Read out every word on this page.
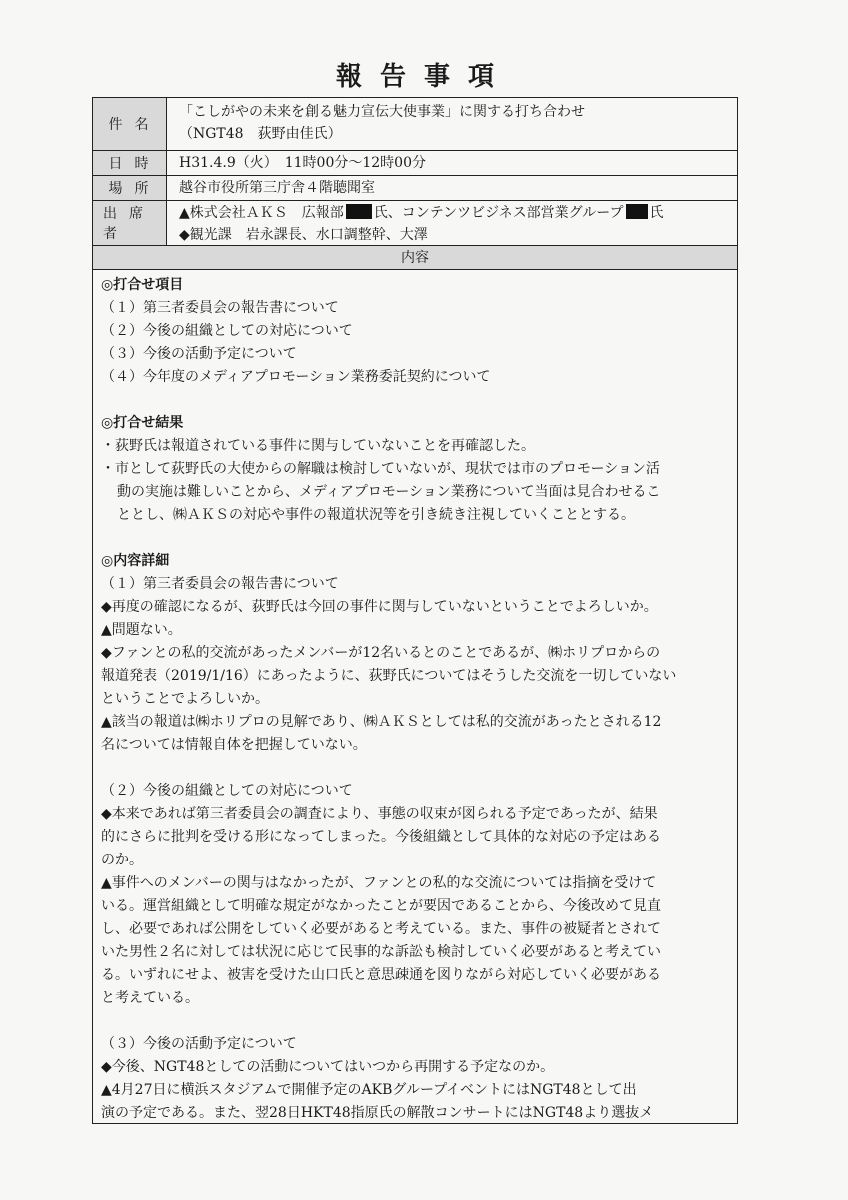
報告事項
件名
「こしがやの未来を創る魅力宣伝大使事業」に関する打ち合わせ
（NGT48　荻野由佳氏）
日時	H31.4.9（火）　11時00分～12時00分
場所	越谷市役所第三庁舎４階聴聞室
出席者
▲株式会社ＡＫＳ　広報部 氏、コンテンツビジネス部営業グループ 氏
◆観光課　岩永課長、水口調整幹、大澤
内容

◎打合せ項目

（１）第三者委員会の報告書について

（２）今後の組織としての対応について

（３）今後の活動予定について

（４）今年度のメディアプロモーション業務委託契約について

◎打合せ結果

・荻野氏は報道されている事件に関与していないことを再確認した。

・市として荻野氏の大使からの解職は検討していないが、現状では市のプロモーション活

動の実施は難しいことから、メディアプロモーション業務について当面は見合わせるこ

ととし、㈱ＡＫＳの対応や事件の報道状況等を引き続き注視していくこととする。

◎内容詳細

（１）第三者委員会の報告書について

◆再度の確認になるが、荻野氏は今回の事件に関与していないということでよろしいか。

▲問題ない。

◆ファンとの私的交流があったメンバーが12名いるとのことであるが、㈱ホリプロからの

報道発表（2019/1/16）にあったように、荻野氏についてはそうした交流を一切していない

ということでよろしいか。

▲該当の報道は㈱ホリプロの見解であり、㈱ＡＫＳとしては私的交流があったとされる12

名については情報自体を把握していない。

（２）今後の組織としての対応について

◆本来であれば第三者委員会の調査により、事態の収束が図られる予定であったが、結果

的にさらに批判を受ける形になってしまった。今後組織として具体的な対応の予定はある

のか。

▲事件へのメンバーの関与はなかったが、ファンとの私的な交流については指摘を受けて

いる。運営組織として明確な規定がなかったことが要因であることから、今後改めて見直

し、必要であれば公開をしていく必要があると考えている。また、事件の被疑者とされて

いた男性２名に対しては状況に応じて民事的な訴訟も検討していく必要があると考えてい

る。いずれにせよ、被害を受けた山口氏と意思疎通を図りながら対応していく必要がある

と考えている。

（３）今後の活動予定について

◆今後、NGT48としての活動についてはいつから再開する予定なのか。

▲4月27日に横浜スタジアムで開催予定のAKBグループイベントにはNGT48として出

演の予定である。また、翌28日HKT48指原氏の解散コンサートにはNGT48より選抜メ
